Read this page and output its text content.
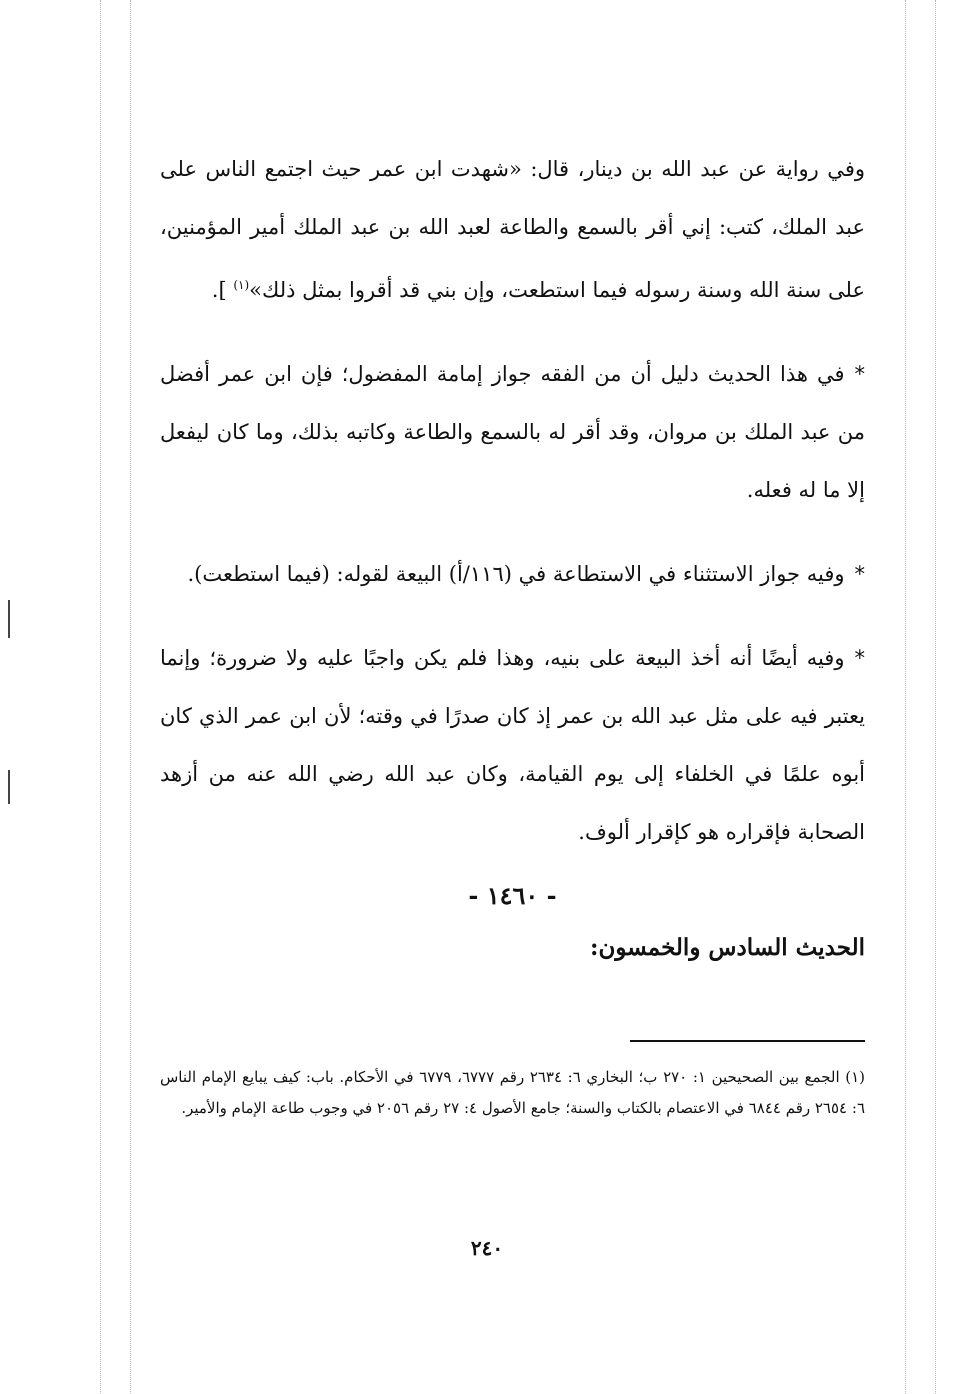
وفي رواية عن عبد الله بن دينار، قال: «شهدت ابن عمر حيث اجتمع الناس على عبد الملك، كتب: إني أقر بالسمع والطاعة لعبد الله بن عبد الملك أمير المؤمنين، على سنة الله وسنة رسوله فيما استطعت، وإن بني قد أقروا بمثل ذلك»$^{(١)}$ ].

*في هذا الحديث دليل أن من الفقه جواز إمامة المفضول؛ فإن ابن عمر أفضل من عبد الملك بن مروان، وقد أقر له بالسمع والطاعة وكاتبه بذلك، وما كان ليفعل إلا ما له فعله.

*وفيه جواز الاستثناء في الاستطاعة في (١١٦/أ) البيعة لقوله: (فيما استطعت).

*وفيه أيضًا أنه أخذ البيعة على بنيه، وهذا فلم يكن واجبًا عليه ولا ضرورة؛ وإنما يعتبر فيه على مثل عبد الله بن عمر إذ كان صدرًا في وقته؛ لأن ابن عمر الذي كان أبوه علمًا في الخلفاء إلى يوم القيامة، وكان عبد الله رضي الله عنه من أزهد الصحابة فإقراره هو كإقرار ألوف.

- ١٤٦٠ -
الحديث السادس والخمسون:
(١) الجمع بين الصحيحين ١: ٢٧٠ ب؛ البخاري ٦: ٢٦٣٤ رقم ٦٧٧٧، ٦٧٧٩ في الأحكام. باب: كيف يبايع الإمام الناس ٦: ٢٦٥٤ رقم ٦٨٤٤ في الاعتصام بالكتاب والسنة؛ جامع الأصول ٤: ٢٧ رقم ٢٠٥٦ في وجوب طاعة الإمام والأمير.
٢٤٠
